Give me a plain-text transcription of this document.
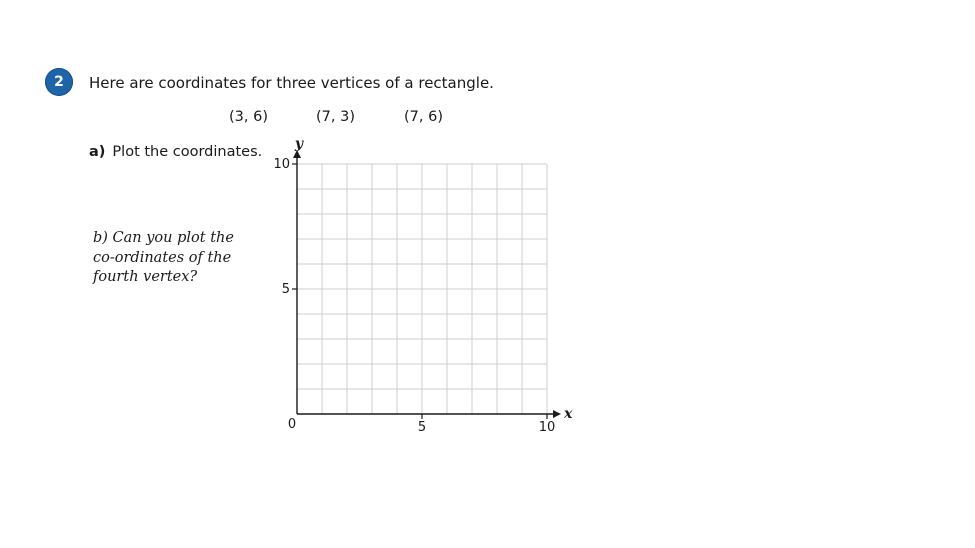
2	Here are coordinates for three vertices of a rectangle.
(3, 6)	(7, 3)	(7, 6)
a) Plot the coordinates.
b) Can you plot the
co-ordinates of the
fourth vertex?
5	10
5
10
0
x
y
